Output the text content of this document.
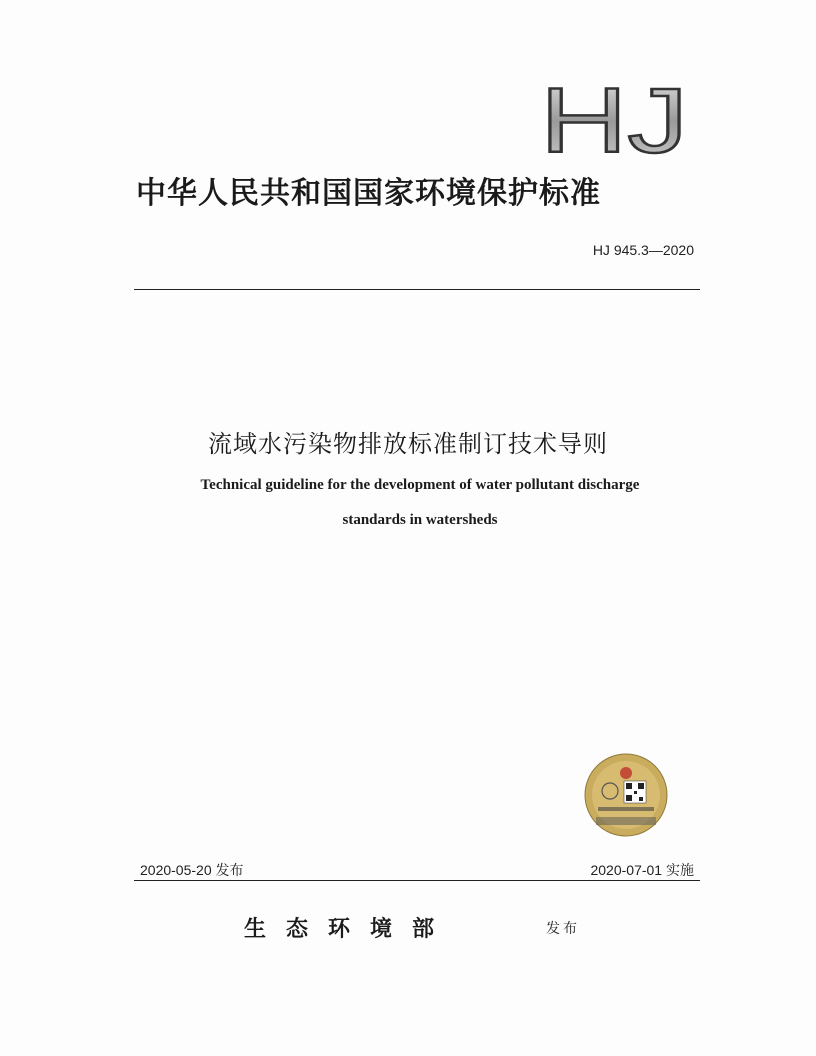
HJ
中华人民共和国国家环境保护标准
HJ 945.3—2020
流域水污染物排放标准制订技术导则
Technical guideline for the development of water pollutant discharge
standards in watersheds
2020-05-20 发布	2020-07-01 实施
生态环境部	发布
